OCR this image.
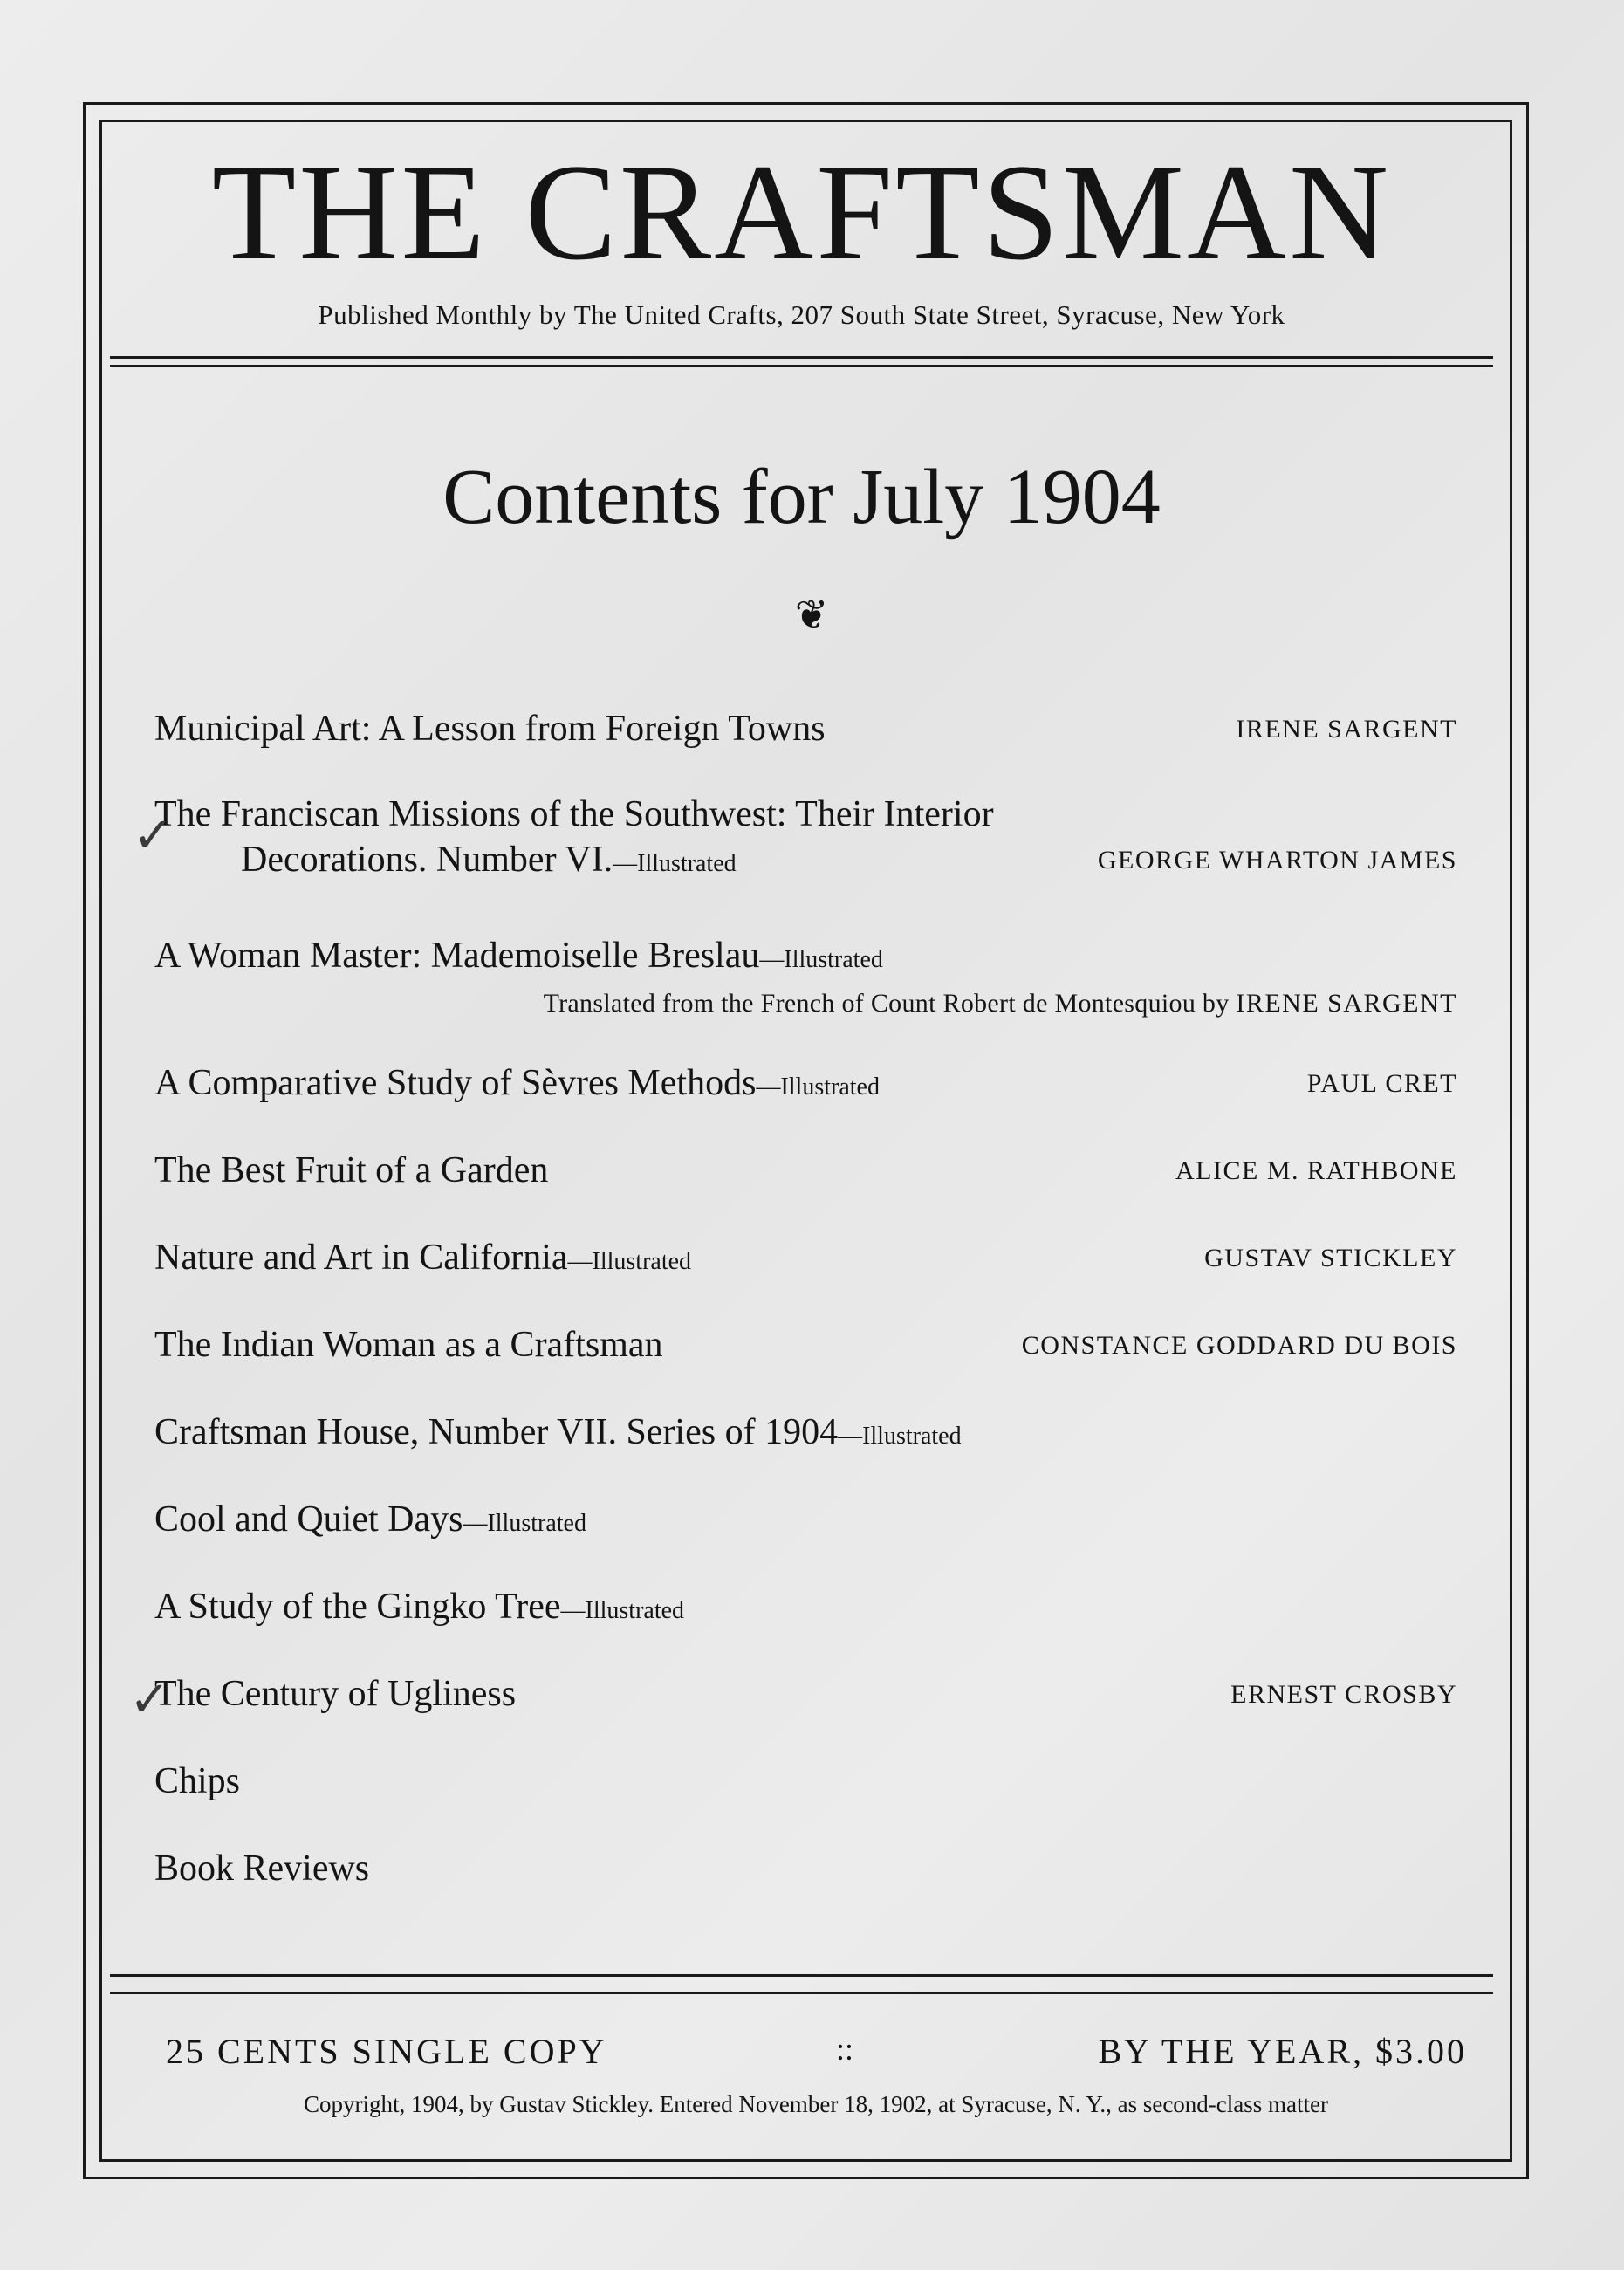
THE CRAFTSMAN
Published Monthly by The United Crafts, 207 South State Street, Syracuse, New York
Contents for July 1904
❦
Municipal Art: A Lesson from Foreign Towns	IRENE SARGENT
The Franciscan Missions of the Southwest: Their Interior
Decorations. Number VI.—Illustrated	GEORGE WHARTON JAMES
✓
A Woman Master: Mademoiselle Breslau—Illustrated
Translated from the French of Count Robert de Montesquiou by IRENE SARGENT
A Comparative Study of Sèvres Methods—Illustrated	PAUL CRET
The Best Fruit of a Garden	ALICE M. RATHBONE
Nature and Art in California—Illustrated	GUSTAV STICKLEY
The Indian Woman as a Craftsman	CONSTANCE GODDARD DU BOIS
Craftsman House, Number VII. Series of 1904—Illustrated
Cool and Quiet Days—Illustrated
A Study of the Gingko Tree—Illustrated
The Century of Ugliness	ERNEST CROSBY
✓
Chips
Book Reviews
25 CENTS SINGLE COPY	::	BY THE YEAR, $3.00
Copyright, 1904, by Gustav Stickley. Entered November 18, 1902, at Syracuse, N. Y., as second-class matter
